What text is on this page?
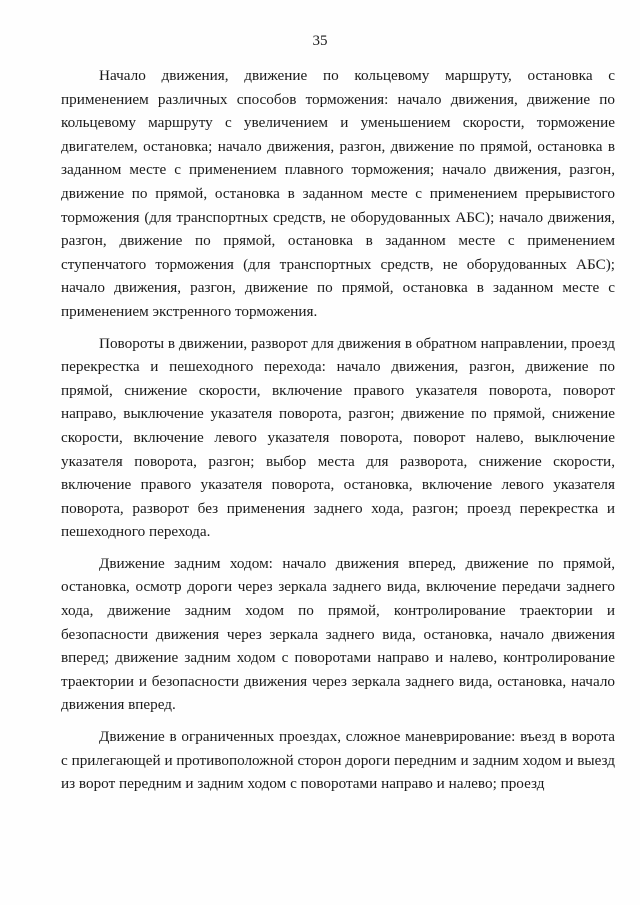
35

Начало движения, движение по кольцевому маршруту, остановка с применением различных способов торможения: начало движения, движение по кольцевому маршруту с увеличением и уменьшением скорости, торможение двигателем, остановка; начало движения, разгон, движение по прямой, остановка в заданном месте с применением плавного торможения; начало движения, разгон, движение по прямой, остановка в заданном месте с применением прерывистого торможения (для транспортных средств, не оборудованных АБС); начало движения, разгон, движение по прямой, остановка в заданном месте с применением ступенчатого торможения (для транспортных средств, не оборудованных АБС); начало движения, разгон, движение по прямой, остановка в заданном месте с применением экстренного торможения.

Повороты в движении, разворот для движения в обратном направлении, проезд перекрестка и пешеходного перехода: начало движения, разгон, движение по прямой, снижение скорости, включение правого указателя поворота, поворот направо, выключение указателя поворота, разгон; движение по прямой, снижение скорости, включение левого указателя поворота, поворот налево, выключение указателя поворота, разгон; выбор места для разворота, снижение скорости, включение правого указателя поворота, остановка, включение левого указателя поворота, разворот без применения заднего хода, разгон; проезд перекрестка и пешеходного перехода.

Движение задним ходом: начало движения вперед, движение по прямой, остановка, осмотр дороги через зеркала заднего вида, включение передачи заднего хода, движение задним ходом по прямой, контролирование траектории и безопасности движения через зеркала заднего вида, остановка, начало движения вперед; движение задним ходом с поворотами направо и налево, контролирование траектории и безопасности движения через зеркала заднего вида, остановка, начало движения вперед.

Движение в ограниченных проездах, сложное маневрирование: въезд в ворота с прилегающей и противоположной сторон дороги передним и задним ходом и выезд из ворот передним и задним ходом с поворотами направо и налево; проезд
